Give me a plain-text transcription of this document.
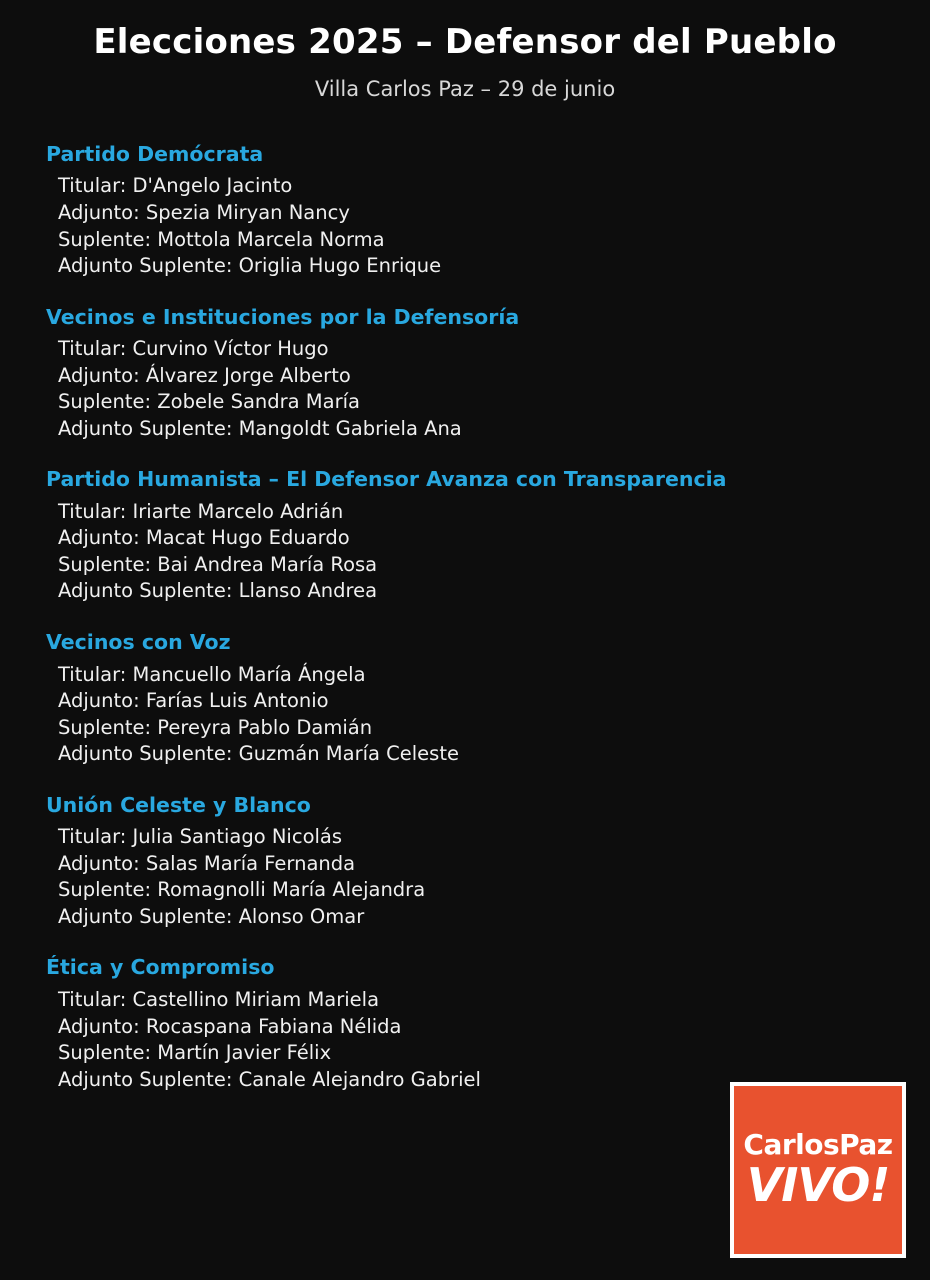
Elecciones 2025 – Defensor del Pueblo
Villa Carlos Paz – 29 de junio
Partido Demócrata
Titular: D'Angelo Jacinto
Adjunto: Spezia Miryan Nancy
Suplente: Mottola Marcela Norma
Adjunto Suplente: Origlia Hugo Enrique
Vecinos e Instituciones por la Defensoría
Titular: Curvino Víctor Hugo
Adjunto: Álvarez Jorge Alberto
Suplente: Zobele Sandra María
Adjunto Suplente: Mangoldt Gabriela Ana
Partido Humanista – El Defensor Avanza con Transparencia
Titular: Iriarte Marcelo Adrián
Adjunto: Macat Hugo Eduardo
Suplente: Bai Andrea María Rosa
Adjunto Suplente: Llanso Andrea
Vecinos con Voz
Titular: Mancuello María Ángela
Adjunto: Farías Luis Antonio
Suplente: Pereyra Pablo Damián
Adjunto Suplente: Guzmán María Celeste
Unión Celeste y Blanco
Titular: Julia Santiago Nicolás
Adjunto: Salas María Fernanda
Suplente: Romagnolli María Alejandra
Adjunto Suplente: Alonso Omar
Ética y Compromiso
Titular: Castellino Miriam Mariela
Adjunto: Rocaspana Fabiana Nélida
Suplente: Martín Javier Félix
Adjunto Suplente: Canale Alejandro Gabriel
CarlosPaz
VIVO!
